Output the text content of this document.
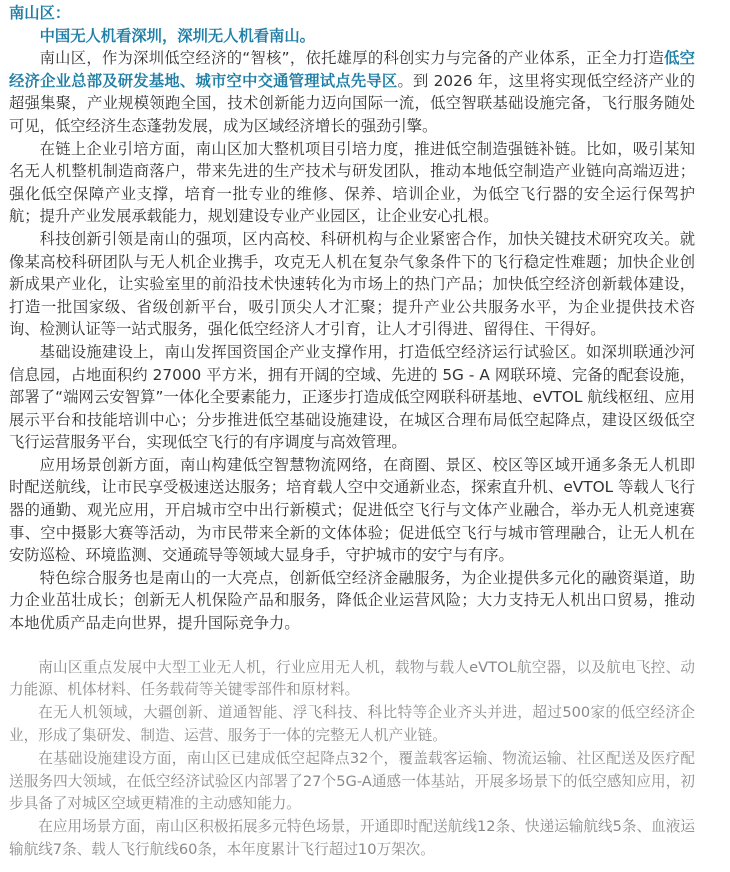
南山区：

中国无人机看深圳，深圳无人机看南山。

南山区，作为深圳低空经济的“智核”，依托雄厚的科创实力与完备的产业体系，正全力打造低空经济企业总部及研发基地、城市空中交通管理试点先导区。到 2026 年，这里将实现低空经济产业的超强集聚，产业规模领跑全国，技术创新能力迈向国际一流，低空智联基础设施完备，飞行服务随处可见，低空经济生态蓬勃发展，成为区域经济增长的强劲引擎。

在链上企业引培方面，南山区加大整机项目引培力度，推进低空制造强链补链。比如，吸引某知名无人机整机制造商落户，带来先进的生产技术与研发团队，推动本地低空制造产业链向高端迈进；强化低空保障产业支撑，培育一批专业的维修、保养、培训企业，为低空飞行器的安全运行保驾护航；提升产业发展承载能力，规划建设专业产业园区，让企业安心扎根。

科技创新引领是南山的强项，区内高校、科研机构与企业紧密合作，加快关键技术研究攻关。就像某高校科研团队与无人机企业携手，攻克无人机在复杂气象条件下的飞行稳定性难题；加快企业创新成果产业化，让实验室里的前沿技术快速转化为市场上的热门产品；加快低空经济创新载体建设，打造一批国家级、省级创新平台，吸引顶尖人才汇聚；提升产业公共服务水平，为企业提供技术咨询、检测认证等一站式服务，强化低空经济人才引育，让人才引得进、留得住、干得好。

基础设施建设上，南山发挥国资国企产业支撑作用，打造低空经济运行试验区。如深圳联通沙河信息园，占地面积约 27000 平方米，拥有开阔的空域、先进的 5G - A 网联环境、完备的配套设施，部署了“端网云安智算”一体化全要素能力，正逐步打造成低空网联科研基地、eVTOL 航线枢纽、应用展示平台和技能培训中心；分步推进低空基础设施建设，在城区合理布局低空起降点，建设区级低空飞行运营服务平台，实现低空飞行的有序调度与高效管理。

应用场景创新方面，南山构建低空智慧物流网络，在商圈、景区、校区等区域开通多条无人机即时配送航线，让市民享受极速送达服务；培育载人空中交通新业态，探索直升机、eVTOL 等载人飞行器的通勤、观光应用，开启城市空中出行新模式；促进低空飞行与文体产业融合，举办无人机竞速赛事、空中摄影大赛等活动，为市民带来全新的文体体验；促进低空飞行与城市管理融合，让无人机在安防巡检、环境监测、交通疏导等领域大显身手，守护城市的安宁与有序。

特色综合服务也是南山的一大亮点，创新低空经济金融服务，为企业提供多元化的融资渠道，助力企业茁壮成长；创新无人机保险产品和服务，降低企业运营风险；大力支持无人机出口贸易，推动本地优质产品走向世界，提升国际竞争力。

南山区重点发展中大型工业无人机，行业应用无人机，载物与载人eVTOL航空器，以及航电飞控、动力能源、机体材料、任务载荷等关键零部件和原材料。

在无人机领域，大疆创新、道通智能、浮飞科技、科比特等企业齐头并进，超过500家的低空经济企业，形成了集研发、制造、运营、服务于一体的完整无人机产业链。

在基础设施建设方面，南山区已建成低空起降点32个，覆盖载客运输、物流运输、社区配送及医疗配送服务四大领域，在低空经济试验区内部署了27个5G-A通感一体基站，开展多场景下的低空感知应用，初步具备了对城区空域更精准的主动感知能力。

在应用场景方面，南山区积极拓展多元特色场景，开通即时配送航线12条、快递运输航线5条、血液运输航线7条、载人飞行航线60条，本年度累计飞行超过10万架次。
